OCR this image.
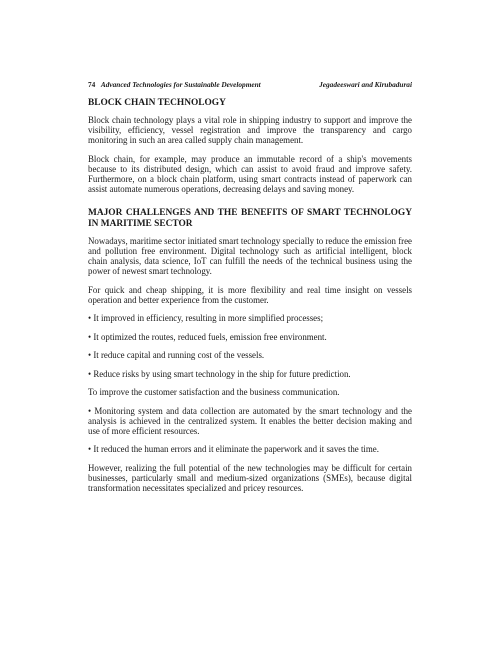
74 Advanced Technologies for Sustainable Development	Jegadeeswari and Kirubadurai
BLOCK CHAIN TECHNOLOGY

Block chain technology plays a vital role in shipping industry to support and improve the visibility, efficiency, vessel registration and improve the transparency and cargo monitoring in such an area called supply chain management.

Block chain, for example, may produce an immutable record of a ship's movements because to its distributed design, which can assist to avoid fraud and improve safety. Furthermore, on a block chain platform, using smart contracts instead of paperwork can assist automate numerous operations, decreasing delays and saving money.

MAJOR CHALLENGES AND THE BENEFITS OF SMART TECHNOLOGY IN MARITIME SECTOR

Nowadays, maritime sector initiated smart technology specially to reduce the emission free and pollution free environment. Digital technology such as artificial intelligent, block chain analysis, data science, IoT can fulfill the needs of the technical business using the power of newest smart technology.

For quick and cheap shipping, it is more flexibility and real time insight on vessels operation and better experience from the customer.

• It improved in efficiency, resulting in more simplified processes;

• It optimized the routes, reduced fuels, emission free environment.

• It reduce capital and running cost of the vessels.

• Reduce risks by using smart technology in the ship for future prediction.

To improve the customer satisfaction and the business communication.

• Monitoring system and data collection are automated by the smart technology and the analysis is achieved in the centralized system. It enables the better decision making and use of more efficient resources.

• It reduced the human errors and it eliminate the paperwork and it saves the time.

However, realizing the full potential of the new technologies may be difficult for certain businesses, particularly small and medium-sized organizations (SMEs), because digital transformation necessitates specialized and pricey resources.
